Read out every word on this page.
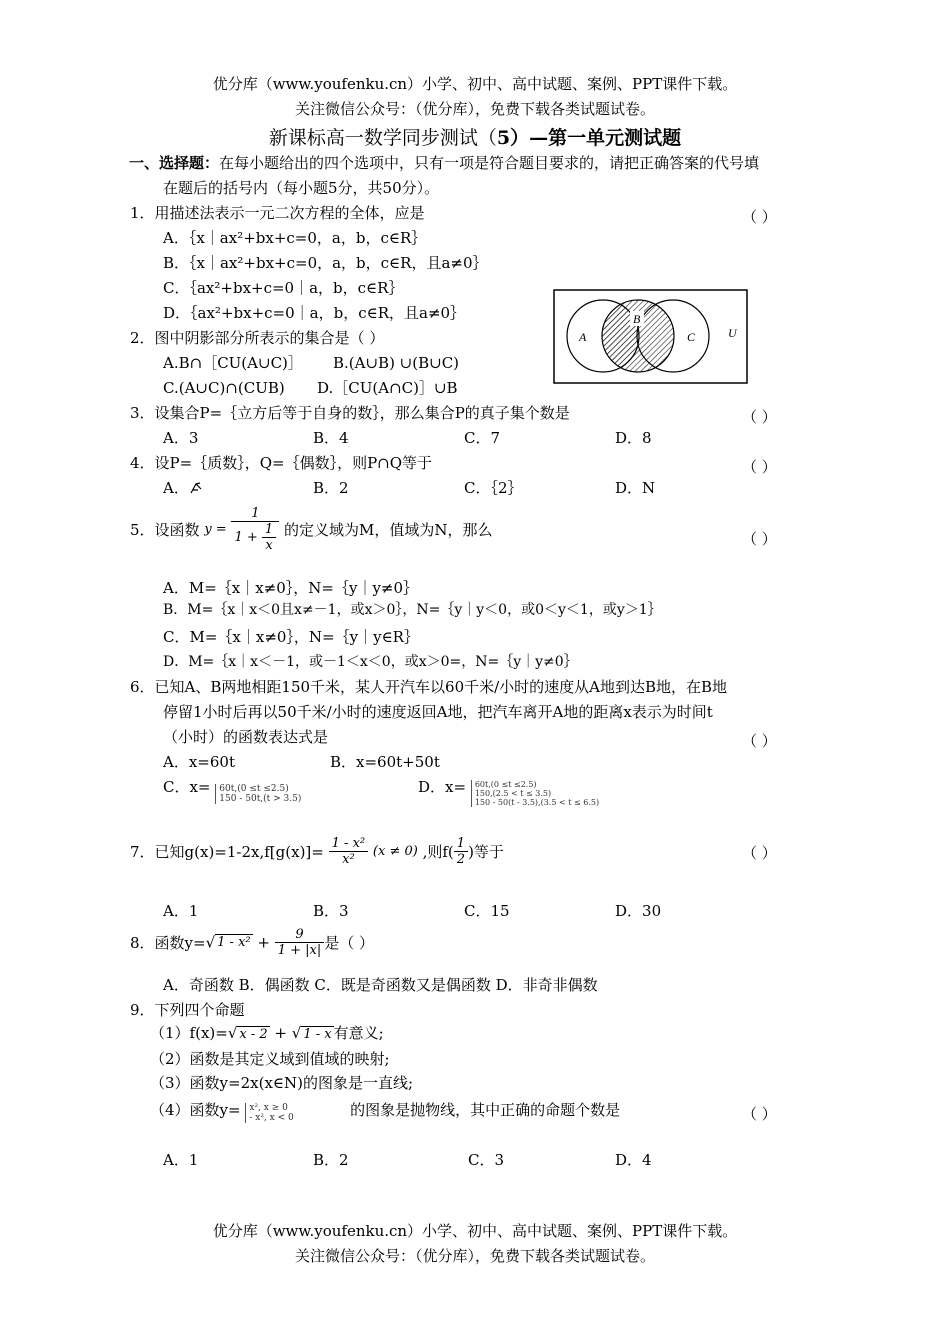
优分库（www.youfenku.cn）小学、初中、高中试题、案例、PPT课件下载。
关注微信公众号：（优分库），免费下载各类试题试卷。
新课标高一数学同步测试（5）—第一单元测试题
一、选择题：在每小题给出的四个选项中，只有一项是符合题目要求的，请把正确答案的代号填
在题后的括号内（每小题5分，共50分）。
1．用描述法表示一元二次方程的全体，应是	（ ）
A．｛x｜ax²+bx+c=0，a，b，c∈R｝
B．｛x｜ax²+bx+c=0，a，b，c∈R，且a≠0｝
C．｛ax²+bx+c=0｜a，b，c∈R｝
D．｛ax²+bx+c=0｜a，b，c∈R，且a≠0｝
A
B
C	U
2．图中阴影部分所表示的集合是（ ）
A.B∩［CU(A∪C)］ B.(A∪B) ∪(B∪C)
C.(A∪C)∩(CUB) D.［CU(A∩C)］∪B
3．设集合P=｛立方后等于自身的数｝，那么集合P的真子集个数是	（ ）
A．3	B．4	C．7	D．8
4．设P=｛质数｝，Q=｛偶数｝，则P∩Q等于	（ ）
A．	B．2	C．｛2｝	D．N
5．设函数 $y = \frac{1}{1 + \frac{1}{x}}$ 的定义域为M，值域为N，那么	（ ）
A．M=｛x｜x≠0｝，N=｛y｜y≠0｝
B．M=｛x｜x＜0且x≠－1，或x＞0｝，N=｛y｜y＜0，或0＜y＜1，或y＞1｝
C．M=｛x｜x≠0｝，N=｛y｜y∈R｝
D．M=｛x｜x＜－1，或－1＜x＜0，或x＞0=，N=｛y｜y≠0｝
6．已知A、B两地相距150千米，某人开汽车以60千米/小时的速度从A地到达B地，在B地
停留1小时后再以50千米/小时的速度返回A地，把汽车离开A地的距离x表示为时间t
（小时）的函数表达式是	（ ）
A．x=60t	B．x=60t+50t
C．x= 60t,(0 ≤t ≤2.5)
150 - 50t,(t > 3.5)
D．x= 60t,(0 ≤t ≤2.5)
150,(2.5 < t ≤ 3.5)
150 - 50(t - 3.5),(3.5 < t ≤ 6.5)
7．已知$g(x)=1-2x,f[g(x)]= \frac{\text{1 - x²}}{\text{x²}} (x \ne 0)$ ,则$f( \frac{1}{2}$ )等于	（ ）
A．1	B．3	C．15	D．30
8．函数y=√ $1 - x^2 + \frac{9}{1 + |x|}$ 是（ ）
A．奇函数 B．偶函数 C．既是奇函数又是偶函数 D．非奇非偶数
9．下列四个命题
（1）f(x)=√ x - 2 + √ 1 - x 有意义;
（2）函数是其定义域到值域的映射;
（3）函数y=2x(x∈N)的图象是一直线;
（4）函数y= x², x ≥ 0
- x², x < 0	的图象是抛物线，其中正确的命题个数是	（ ）
A．1	B．2	C．3	D．4
优分库（www.youfenku.cn）小学、初中、高中试题、案例、PPT课件下载。
关注微信公众号：（优分库），免费下载各类试题试卷。
